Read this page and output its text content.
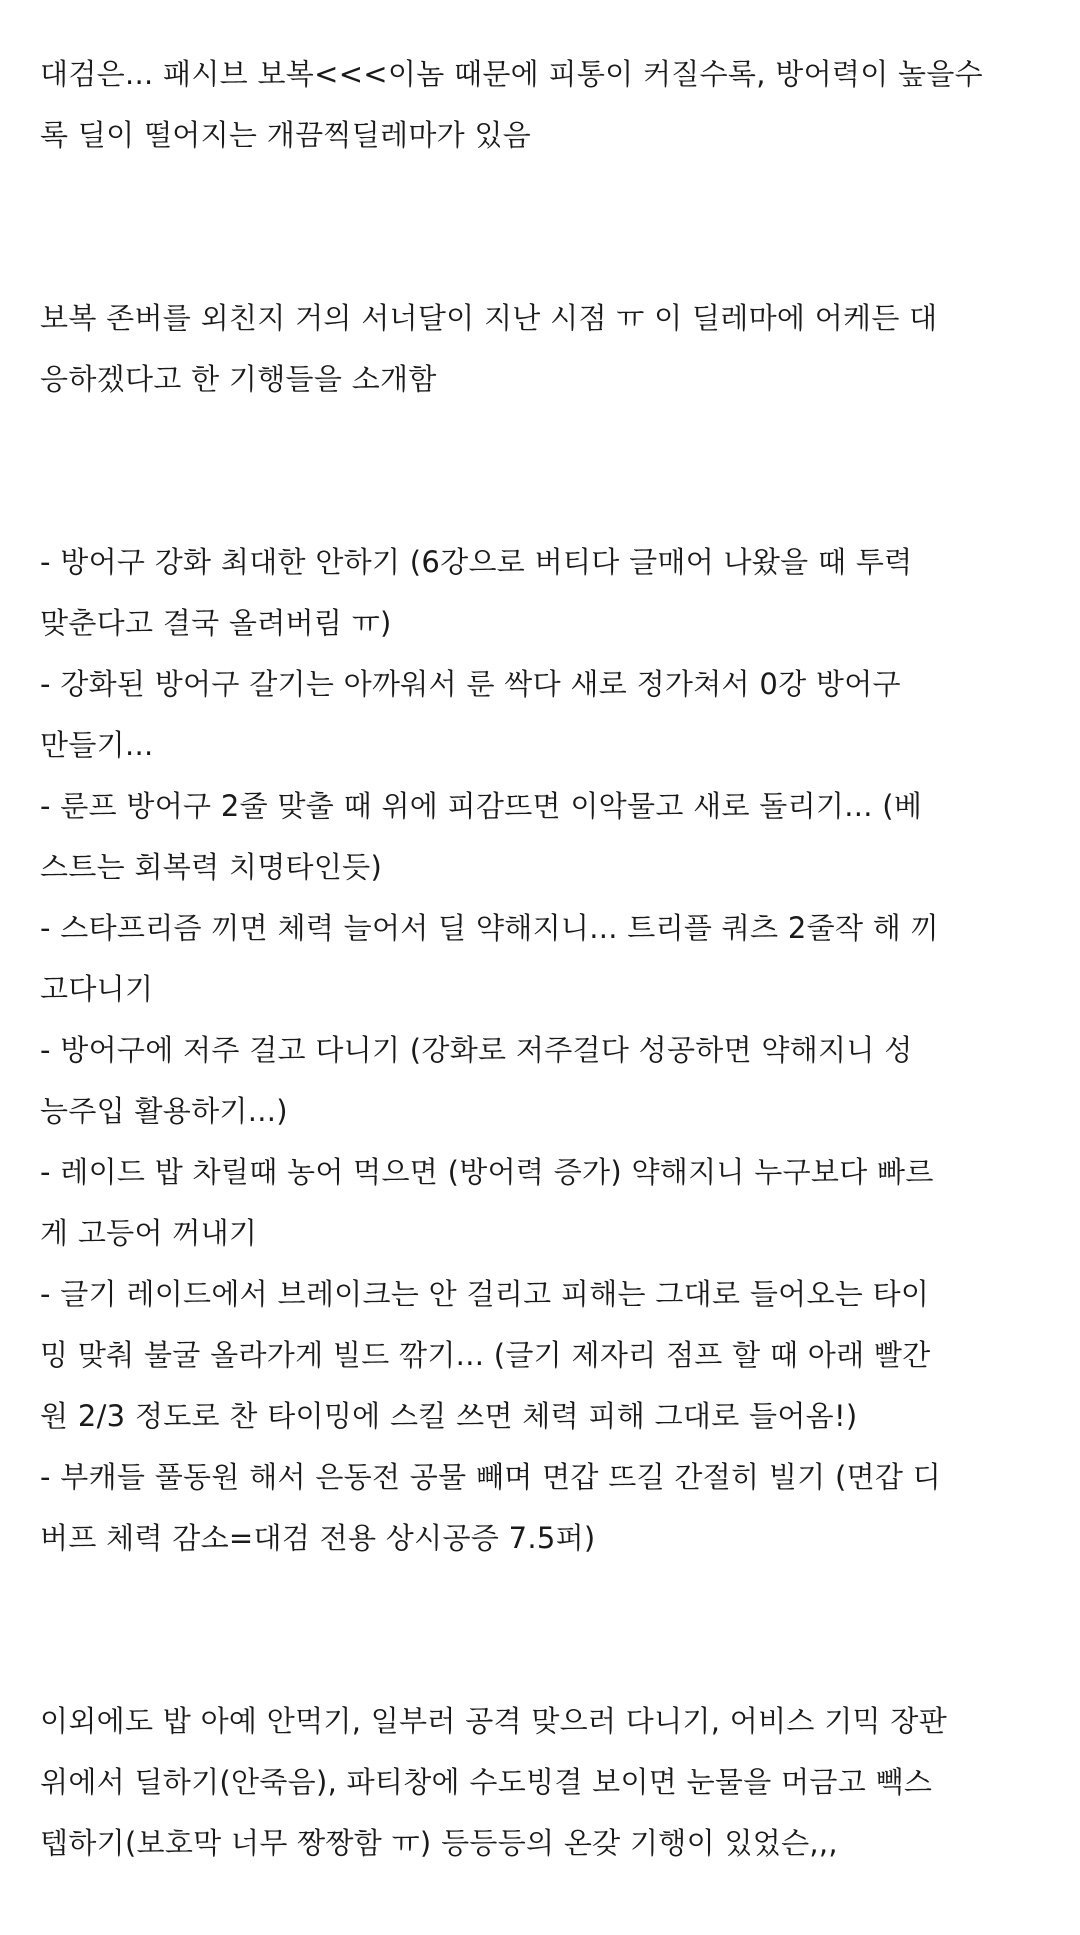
대검은... 패시브 보복<<<이놈 때문에 피통이 커질수록, 방어력이 높을수
록 딜이 떨어지는 개끔찍딜레마가 있음
보복 존버를 외친지 거의 서너달이 지난 시점 ㅠ 이 딜레마에 어케든 대
응하겠다고 한 기행들을 소개함
- 방어구 강화 최대한 안하기 (6강으로 버티다 글매어 나왔을 때 투력
맞춘다고 결국 올려버림 ㅠ)
- 강화된 방어구 갈기는 아까워서 룬 싹다 새로 정가쳐서 0강 방어구
만들기...
- 룬프 방어구 2줄 맞출 때 위에 피감뜨면 이악물고 새로 돌리기... (베
스트는 회복력 치명타인듯)
- 스타프리즘 끼면 체력 늘어서 딜 약해지니... 트리플 쿼츠 2줄작 해 끼
고다니기
- 방어구에 저주 걸고 다니기 (강화로 저주걸다 성공하면 약해지니 성
능주입 활용하기...)
- 레이드 밥 차릴때 농어 먹으면 (방어력 증가) 약해지니 누구보다 빠르
게 고등어 꺼내기
- 글기 레이드에서 브레이크는 안 걸리고 피해는 그대로 들어오는 타이
밍 맞춰 불굴 올라가게 빌드 깎기... (글기 제자리 점프 할 때 아래 빨간
원 2/3 정도로 찬 타이밍에 스킬 쓰면 체력 피해 그대로 들어옴!)
- 부캐들 풀동원 해서 은동전 공물 빼며 면갑 뜨길 간절히 빌기 (면갑 디
버프 체력 감소=대검 전용 상시공증 7.5퍼)
이외에도 밥 아예 안먹기, 일부러 공격 맞으러 다니기, 어비스 기믹 장판
위에서 딜하기(안죽음), 파티창에 수도빙결 보이면 눈물을 머금고 빽스
텝하기(보호막 너무 짱짱함 ㅠ) 등등등의 온갖 기행이 있었슨,,,
